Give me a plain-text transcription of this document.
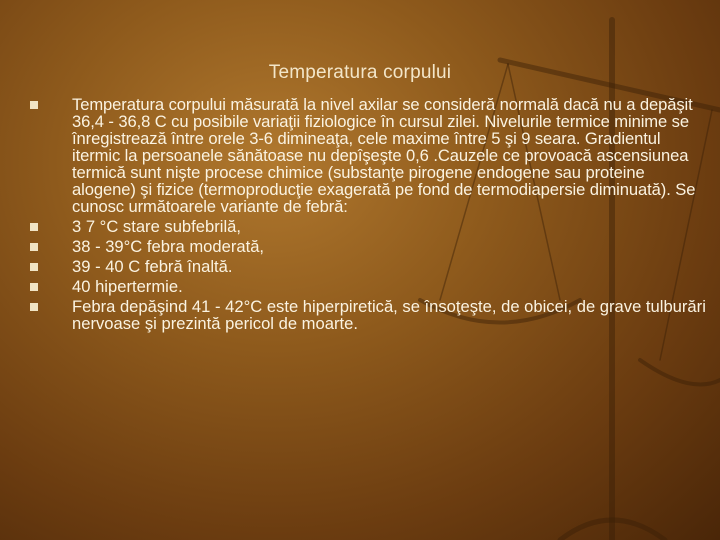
Temperatura corpului
Temperatura corpului măsurată la nivel axilar se consideră normală dacă nu a depăşit 36,4 - 36,8 C cu posibile variaţii fiziologice în cursul zilei. Nivelurile termice minime se înregistrează între orele 3-6 dimineaţa, cele maxime între 5 şi 9 seara. Gradientul itermic la persoanele sănătoase nu depîşeşte 0,6 .Cauzele ce provoacă ascensiunea termică sunt nişte procese chimice (substanţe pirogene endogene sau proteine alogene) şi fizice (termoproducţie exagerată pe fond de termodiapersie diminuată). Se cunosc următoarele variante de febră:
3 7 °C stare subfebrilă,
38 - 39°C febra moderată,
39 - 40 C febră înaltă.
40 hipertermie.
Febra depăşind 41 - 42°C este hiperpiretică, se însoţeşte, de obicei, de grave tulburări nervoase şi prezintă pericol de moarte.
